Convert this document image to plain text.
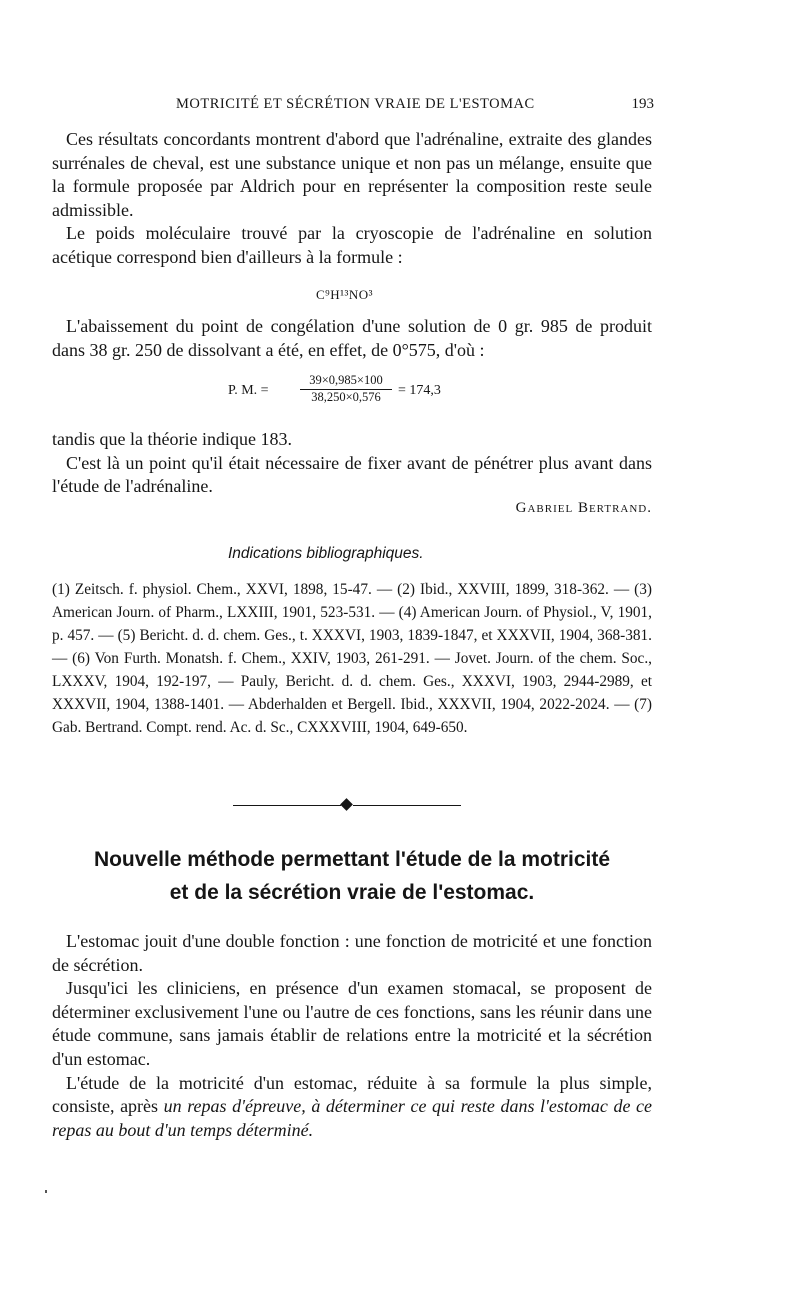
MOTRICITÉ ET SÉCRÉTION VRAIE DE L'ESTOMAC	193

Ces résultats concordants montrent d'abord que l'adrénaline, extraite des glandes surrénales de cheval, est une substance unique et non pas un mélange, ensuite que la formule proposée par Aldrich pour en représenter la composition reste seule admissible.

Le poids moléculaire trouvé par la cryoscopie de l'adrénaline en solution acétique correspond bien d'ailleurs à la formule :

C⁹H¹³NO³

L'abaissement du point de congélation d'une solution de 0 gr. 985 de produit dans 38 gr. 250 de dissolvant a été, en effet, de 0°575, d'où :

P. M. =	$\frac{39\times 0,985\times 100}{38,250\times 0,576} = 174,3$

tandis que la théorie indique 183.

C'est là un point qu'il était nécessaire de fixer avant de pénétrer plus avant dans l'étude de l'adrénaline.

Gabriel Bertrand.
Indications bibliographiques.

(1) Zeitsch. f. physiol. Chem., XXVI, 1898, 15-47. — (2) Ibid., XXVIII, 1899, 318-362. — (3) American Journ. of Pharm., LXXIII, 1901, 523-531. — (4) American Journ. of Physiol., V, 1901, p. 457. — (5) Bericht. d. d. chem. Ges., t. XXXVI, 1903, 1839-1847, et XXXVII, 1904, 368-381. — (6) Von Furth. Monatsh. f. Chem., XXIV, 1903, 261-291. — Jovet. Journ. of the chem. Soc., LXXXV, 1904, 192-197, — Pauly, Bericht. d. d. chem. Ges., XXXVI, 1903, 2944-2989, et XXXVII, 1904, 1388-1401. — Abderhalden et Bergell. Ibid., XXXVII, 1904, 2022-2024. — (7) Gab. Bertrand. Compt. rend. Ac. d. Sc., CXXXVIII, 1904, 649-650.

Nouvelle méthode permettant l'étude de la motricité
et de la sécrétion vraie de l'estomac.

L'estomac jouit d'une double fonction : une fonction de motricité et une fonction de sécrétion.

Jusqu'ici les cliniciens, en présence d'un examen stomacal, se proposent de déterminer exclusivement l'une ou l'autre de ces fonctions, sans les réunir dans une étude commune, sans jamais établir de relations entre la motricité et la sécrétion d'un estomac.

L'étude de la motricité d'un estomac, réduite à sa formule la plus simple, consiste, après un repas d'épreuve, à déterminer ce qui reste dans l'estomac de ce repas au bout d'un temps déterminé.
